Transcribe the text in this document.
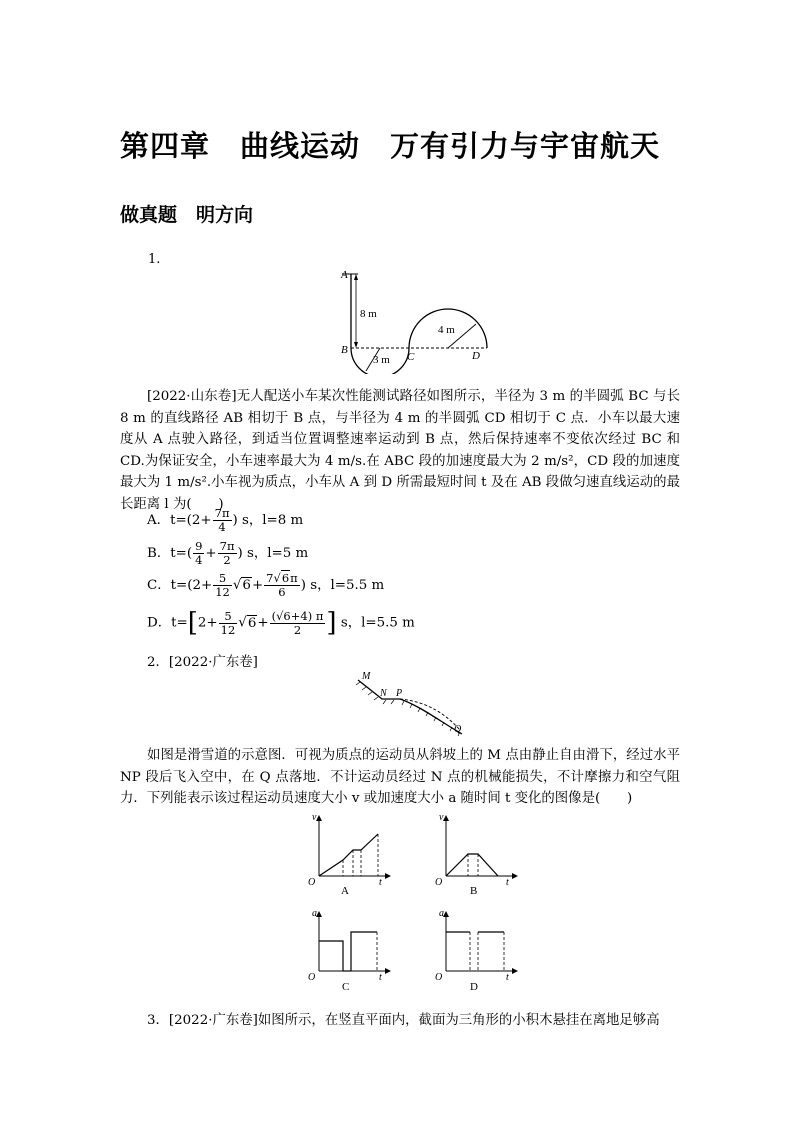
第四章　曲线运动　万有引力与宇宙航天
做真题　明方向
1.
A
B
C	D
8 m
3 m
4 m
[2022·山东卷]无人配送小车某次性能测试路径如图所示，半径为 3 m 的半圆弧 BC 与长 8 m 的直线路径 AB 相切于 B 点，与半径为 4 m 的半圆弧 CD 相切于 C 点．小车以最大速度从 A 点驶入路径，到适当位置调整速率运动到 B 点，然后保持速率不变依次经过 BC 和 CD.为保证安全，小车速率最大为 4 m/s.在 ABC 段的加速度最大为 2 m/s²，CD 段的加速度最大为 1 m/s².小车视为质点，小车从 A 到 D 所需最短时间 t 及在 AB 段做匀速直线运动的最长距离 l 为(　　)
A．$t=(2+ \frac{7\pi}{4}$ ) s，l=8 m
B．$t=( \frac{9}{4} + \frac{7\pi}{2}$ ) s，l=5 m
C．$t=(2+ \frac{5}{12} √6+ \frac{7√6\pi}{6}$ ) s，l=5.5 m
D．$t=[2+ \frac{5}{12} √6+ \frac{(√6+4) \pi}{2}$ ] s，l=5.5 m
2．[2022·广东卷]
M
N P
Q
如图是滑雪道的示意图．可视为质点的运动员从斜坡上的 M 点由静止自由滑下，经过水平 NP 段后飞入空中，在 Q 点落地．不计运动员经过 N 点的机械能损失，不计摩擦力和空气阻力．下列能表示该过程运动员速度大小 v 或加速度大小 a 随时间 t 变化的图像是(　　)
v
t
O
A
v
t
O
B
a
t
O
C
a
t
O
D
3．[2022·广东卷]如图所示，在竖直平面内，截面为三角形的小积木悬挂在离地足够高
